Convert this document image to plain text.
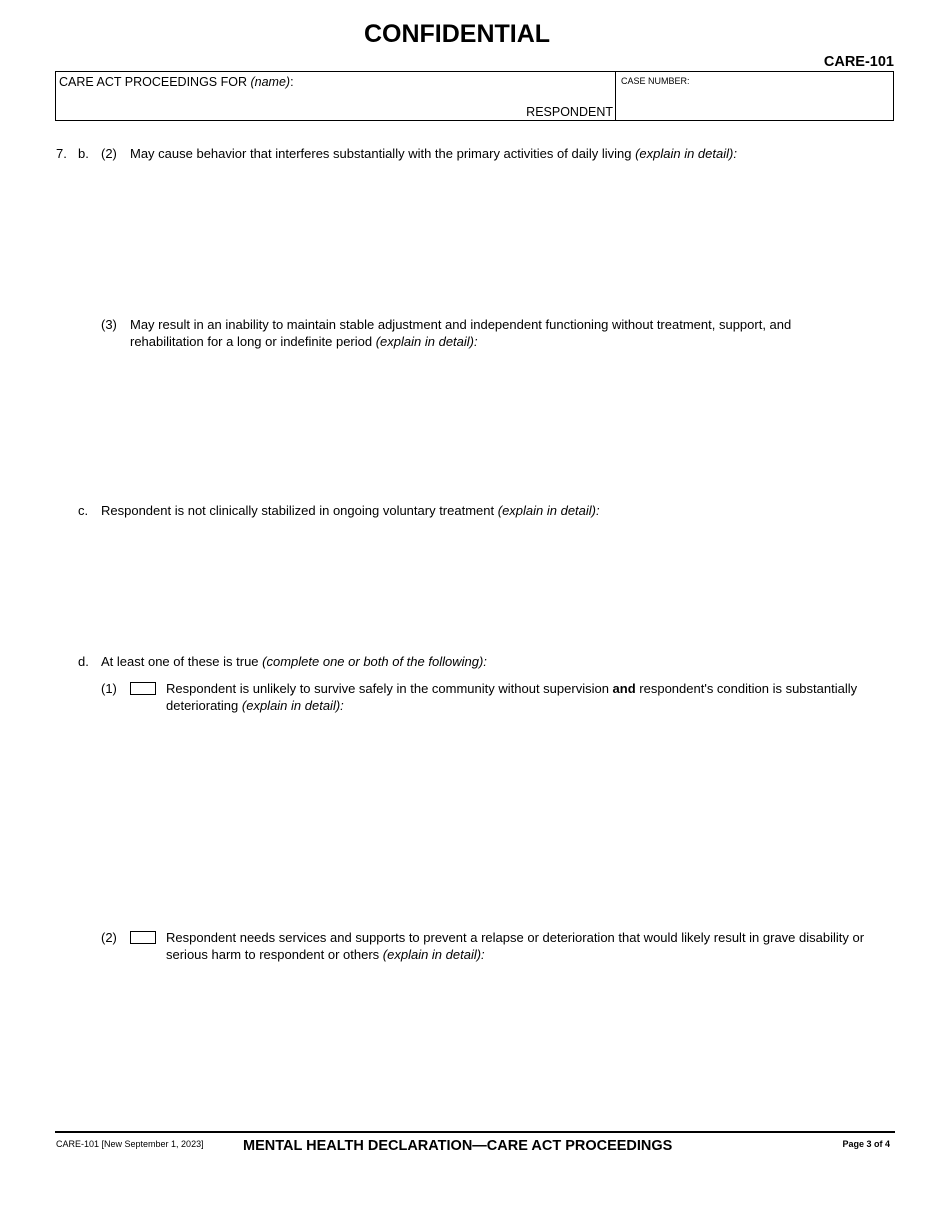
CONFIDENTIAL
CARE-101
CARE ACT PROCEEDINGS FOR (name):
RESPONDENT
CASE NUMBER:
7. b. (2) May cause behavior that interferes substantially with the primary activities of daily living (explain in detail):
(3) May result in an inability to maintain stable adjustment and independent functioning without treatment, support, and rehabilitation for a long or indefinite period (explain in detail):
c. Respondent is not clinically stabilized in ongoing voluntary treatment (explain in detail):
d. At least one of these is true (complete one or both of the following):
(1)	Respondent is unlikely to survive safely in the community without supervision and respondent's condition is substantially deteriorating (explain in detail):
(2)	Respondent needs services and supports to prevent a relapse or deterioration that would likely result in grave disability or serious harm to respondent or others (explain in detail):
CARE-101 [New September 1, 2023]	MENTAL HEALTH DECLARATION—CARE ACT PROCEEDINGS	Page 3 of 4
